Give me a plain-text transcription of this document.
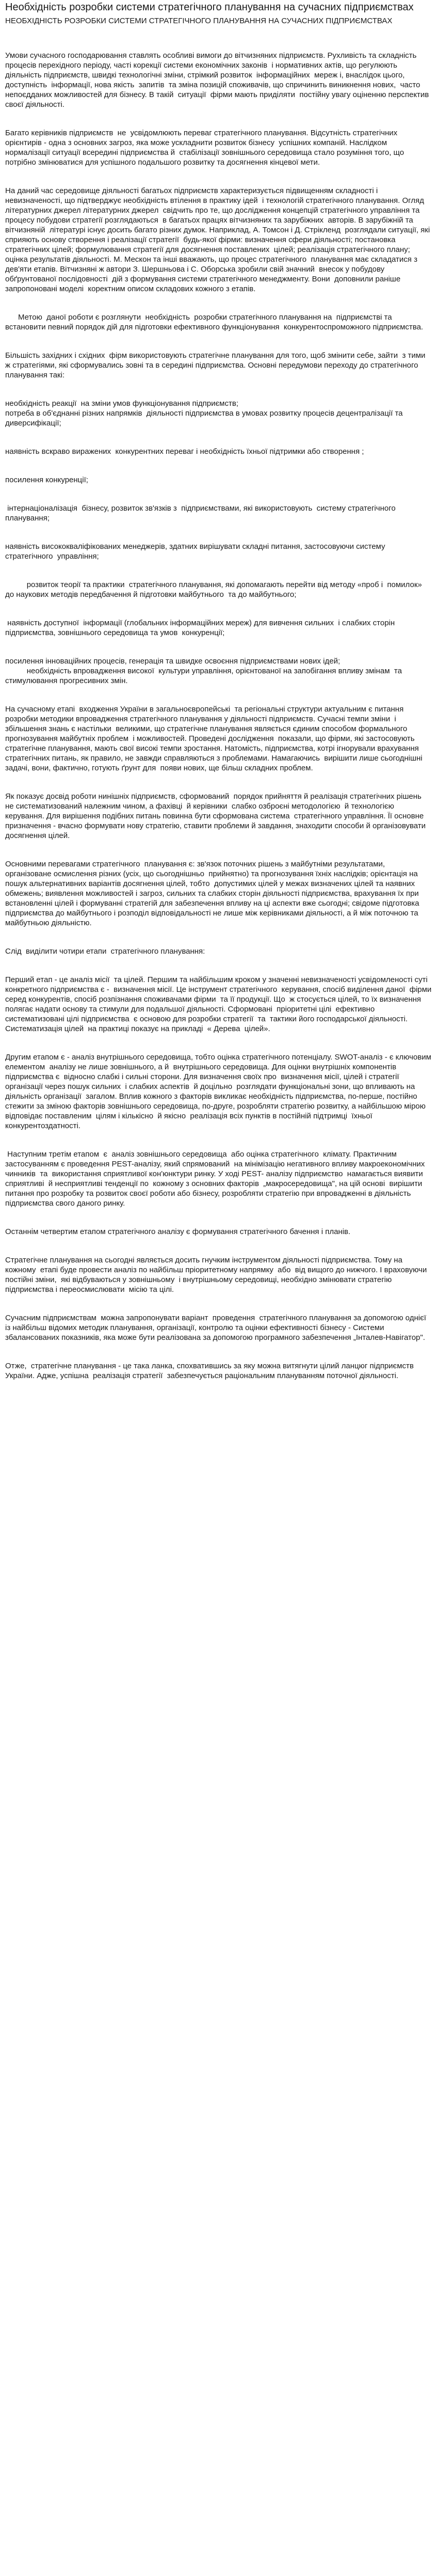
Необхідність розробки системи стратегічного планування на сучасних підприємствах
НЕОБХІДНІСТЬ РОЗРОБКИ СИСТЕМИ СТРАТЕГІЧНОГО ПЛАНУВАННЯ НА СУЧАСНИХ ПІДПРИЄМСТВАХ

Умови сучасного господарювання ставлять особливі вимоги до вітчизняних підприємств. Рухливість та складність процесів перехідного періоду, часті корекції системи економічних законів  і нормативних актів, що регулюють діяльність підприємств, швидкі технологічні зміни, стрімкий розвиток  інформаційних  мереж і, внаслідок цього, доступність  інформації, нова якість  запитів  та зміна позицій споживачів, що спричинить виникнення нових,  часто непоєдданих можливостей для бізнесу. В такій  ситуації  фірми мають приділяти  постійну увагу оціненню перспектив своєї діяльності.

Багато керівників підприємств  не  усвідомлюють переваг стратегічного планування. Відсутність стратегічних орієнтирів - одна з основних загроз, яка може ускладнити розвиток бізнесу  успішних компаній. Наслідком нормалізації ситуації всередині підприємства й  стабілізації зовнішнього середовища стало розуміння того, що потрібно змінюватися для успішного подальшого розвитку та досягнення кінцевої мети.

На даний час середовище діяльності багатьох підприємств характеризується підвищенням складності і невизначеності, що підтверджує необхідність втілення в практику ідей  і технологій стратегічного планування. Огляд  літературних джерел літературних джерел  свідчить про те, що дослідження концепцій стратегічного управління та процесу побудови стратегії розглядаються  в багатьох працях вітчизняних та зарубіжних  авторів. В зарубіжній та вітчизняній  літературі існує досить багато різних думок. Наприклад, А. Томсон і Д. Стрікленд  розглядали ситуації, які сприяють основу створення і реалізації стратегії  будь-якої фірми: визначення сфери діяльності; постановка стратегічних цілей; формулювання стратегії для досягнення поставлених  цілей; реалізація стратегічного плану; оцінка результатів діяльності. М. Мескон та інші вважають, що процес стратегічного  планування має складатися з дев'яти етапів. Вітчизняні ж автори З. Шершньова і С. Оборська зробили свій значний  внесок у побудову обґрунтованої послідовності  дій з формування системи стратегічного менеджменту. Вони  доповнили раніше запропоновані моделі  коректним описом складових кожного з етапів.

Метою  даної роботи є розглянути  необхідність  розробки стратегічного планування на  підприємстві та  встановити певний порядок дій для підготовки ефективного функціонування  конкурентоспроможного підприємства.

Більшість західних і східних  фірм використовують стратегічне планування для того, щоб змінити себе, зайти  з тими ж стратегіями, які сформувались зовні та в середині підприємства. Основні передумови переходу до стратегічного  планування такі:

необхідність реакції  на зміни умов функціонування підприємств;
потреба в об'єднанні різних напрямків  діяльності підприємства в умовах розвитку процесів децентралізації та диверсифікації;

наявність вскраво виражених  конкурентних переваг і необхідність їхньої підтримки або створення ;

посилення конкуренції;

інтернаціоналізація  бізнесу, розвиток зв'язків з  підприємствами, які використовують  систему стратегічного планування;

наявність висококваліфікованих менеджерів, здатних вирішувати складні питання, застосовуючи систему стратегічного  управління;

розвиток теорії та практики  стратегічного планування, які допомагають перейти від методу «проб і  помилок» до наукових методів передбачення й підготовки майбутнього  та до майбутнього;

наявність доступної  інформації (глобальних інформаційних мереж) для вивчення сильних  і слабких сторін підприємства, зовнішнього середовища та умов  конкуренції;

посилення інноваційних процесів, генерація та швидке освоєння підприємствами нових ідей;
необхідність впровадження високої  культури управління, орієнтованої на запобігання впливу змінам  та стимулювання прогресивних змін.

На сучасному етапі  входження України в загальноєвропейські  та регіональні структури актуальним є питання розробки методики впровадження стратегічного планування у діяльності підприємств. Сучасні темпи зміни  і збільшення знань є настільки  великими, що стратегічне планування являється єдиним способом формального  прогнозування майбутніх проблем  і можливостей. Проведені дослідження  показали, що фірми, які застосовують стратегічне планування, мають свої високі темпи зростання. Натомість, підприємства, котрі ігнорували врахування стратегічних питань, як правило, не завжди справляються з проблемами. Намагаючись  вирішити лише сьогоднішні задачі, вони, фактично, готують ґрунт для  появи нових, ще більш складних проблем.

Як показує досвід роботи нинішніх підприємств, сформований  порядок прийняття й реалізація стратегічних рішень не систематизований належним чином, а фахівці  й керівники  слабко озброєні методологією  й технологією  керування. Для вирішення подібних питань повинна бути сформована система  стратегічного управління. Її основне  призначення - вчасно формувати нову стратегію, ставити проблеми й завдання, знаходити способи й організовувати досягнення цілей.

Основними перевагами стратегічного  планування є: зв'язок поточних рішень з майбутніми результатами, організоване осмислення різних (усіх, що сьогоднішньо  прийнятно) та прогнозування їхніх наслідків; орієнтація на пошук альтернативних варіантів досягнення цілей, тобто  допустимих цілей у межах визначених цілей та наявних обмежень; виявлення можливостей і загроз, сильних та слабких сторін діяльності підприємства, врахування їх при встановленні цілей і формуванні стратегій для забезпечення впливу на ці аспекти вже сьогодні; свідоме підготовка підприємства до майбутнього і розподіл відповідальності не лише між керівниками діяльності, а й між поточною та майбутньою діяльністю.

Слід  виділити чотири етапи  стратегічного планування:

Перший етап - це аналіз місії  та цілей. Першим та найбільшим кроком у значенні невизначеності усвідомленості суті конкретного підприємства є -  визначення місії. Це інструмент стратегічного  керування, спосіб виділення даної  фірми серед конкурентів, спосіб розпізнання споживачами фірми  та її продукції. Що  ж стосується цілей, то їх визначення полягає надати основу та стимули для подальшої діяльності. Сформовані  пріоритетні цілі  ефективно  систематизовані цілі підприємства  є основою для розробки стратегії  та  тактики його господарської діяльності. Систематизація цілей  на практиці показує на прикладі  « Дерева  цілей».

Другим етапом є - аналіз внутрішнього середовища, тобто оцінка стратегічного потенціалу. SWOT-аналіз - є ключовим елементом  аналізу не лише зовнішнього, а й  внутрішнього середовища. Для оцінки внутрішніх компонентів підприємства є  відносно слабкі і сильні сторони. Для визначення своїх про  визначення місії, цілей і стратегії  організації через пошук сильних  і слабких аспектів  й доцільно  розглядати функціональні зони, що впливають на діяльність організації  загалом. Вплив кожного з факторів викликає необхідність підприємства, по-перше, постійно стежити за зміною факторів зовнішнього середовища, по-друге, розробляти стратегію розвитку, а найбільшою мірою відповідає поставленим  цілям і кількісно  й якісно  реалізація всіх пунктів в постійній підтримці  їхньої конкурентоздатності.

Наступним третім етапом  є  аналіз зовнішнього середовища  або оцінка стратегічного  клімату. Практичним застосуванням є проведення PEST-аналізу, який спрямований  на мінімізацію негативного впливу макроекономічних чинників  та  використання сприятливої кон'юнктури ринку. У ході PEST- аналізу підприємство  намагається виявити сприятливі  й несприятливі тенденції по  кожному з основних факторів  „макросередовища", на цій основі  вирішити питання про розробку та розвиток своєї роботи або бізнесу, розробляти стратегію при впровадженні в діяльність підприємства свого даного ринку.

Останнім четвертим етапом стратегічного аналізу є формування стратегічного бачення і планів.

Стратегічне планування на сьогодні являється досить гнучким інструментом діяльності підприємства. Тому на кожному  етапі буде провести аналіз по найбільш пріоритетному напрямку  або  від вищого до нижчого. І враховуючи постійні зміни,  які відбуваються у зовнішньому  і внутрішньому середовищі, необхідно змінювати стратегію підприємства і переосмислювати  місію та цілі.

Сучасним підприємствам  можна запропонувати варіант  проведення  стратегічного планування за допомогою однієї із найбільш відомих методик планування, організації, контролю та оцінки ефективності бізнесу - Системи збалансованих показників, яка може бути реалізована за допомогою програмного забезпечення „Інталев-Навігатор".

Отже,  стратегічне планування - це така ланка, спохватившись за яку можна витягнути цілий ланцюг підприємств України. Адже, успішна  реалізація стратегії  забезпечується раціональним плануванням поточної діяльності.
